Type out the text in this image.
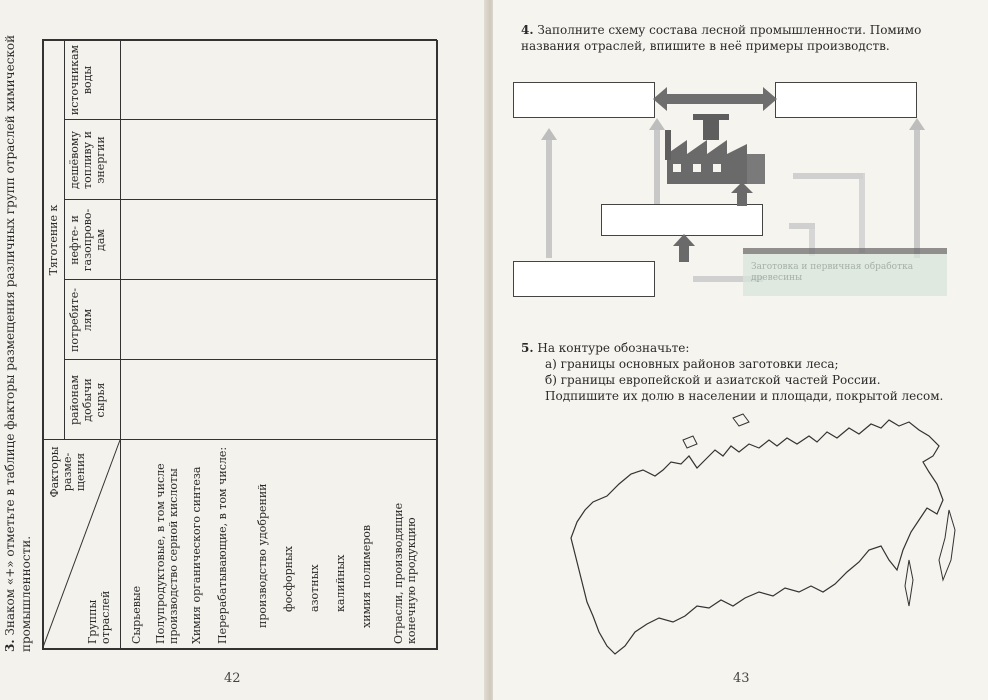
3. Знаком «+» отметьте в таблице факторы размещения различных групп отраслей химической промышленности.
Факторы разме-щения
Группы отраслей
Тяготение к
районам добычи сырья
потребите-лям
нефте- и газопрово-дам
дешёвому топливу и энергии
источникам воды
Сырьевые Полупродуктовые, в том числе производство серной кислоты Химия органического синтеза Перерабатывающие, в том числе: производство удобрений фосфорных азотных калийных химия полимеров Отрасли, производящие конечную продукцию
42
4. Заполните схему состава лесной промышленности. Помимо названия отраслей, впишите в неё примеры производств.
Заготовка и первичная обработка древесины
5. На контуре обозначьте:
а) границы основных районов заготовки леса;
б) границы европейской и азиатской частей России.
Подпишите их долю в населении и площади, покрытой лесом.
43
